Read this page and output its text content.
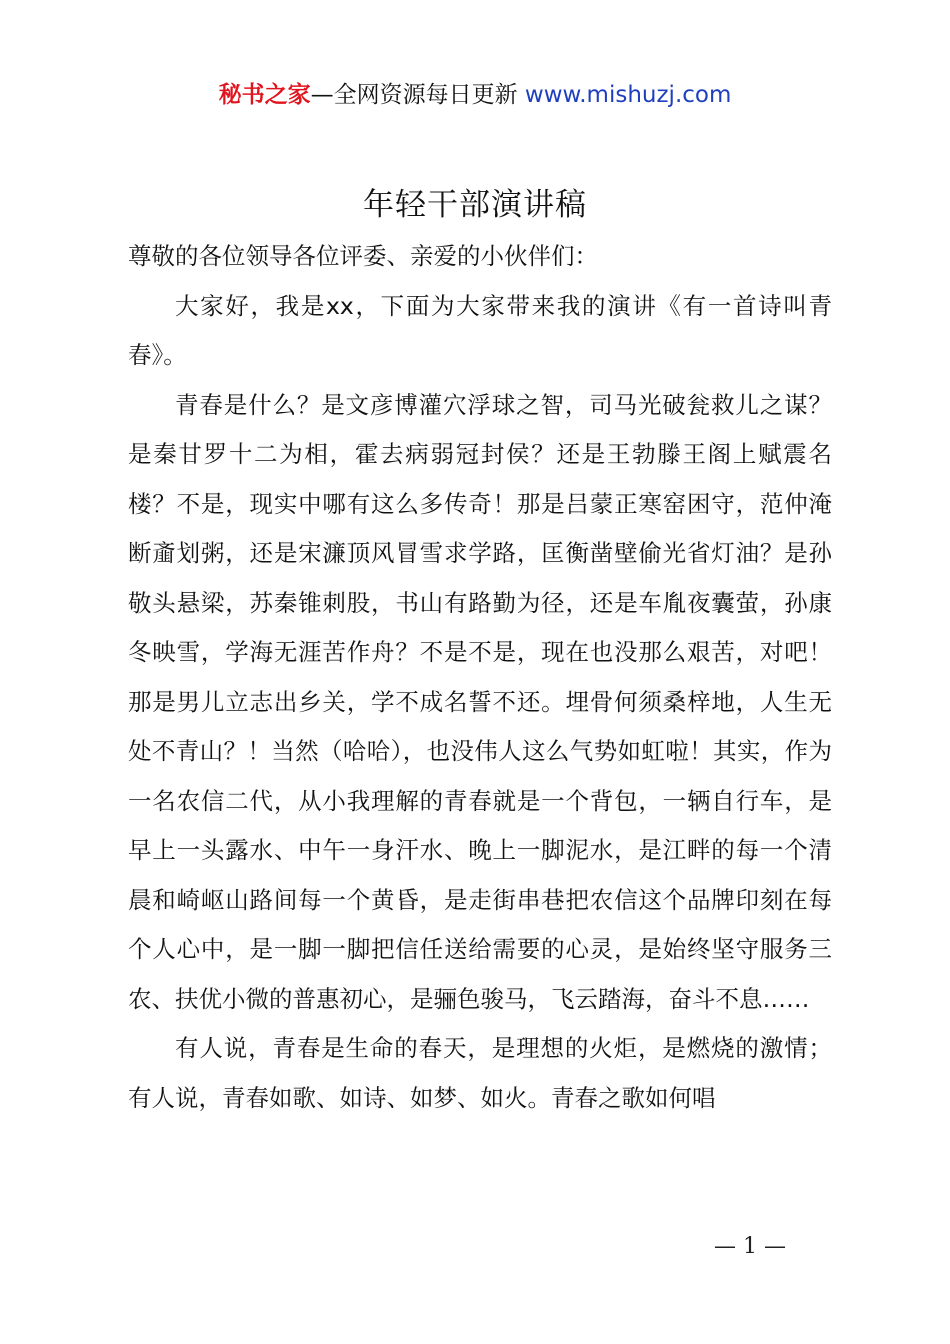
秘书之家—全网资源每日更新 www.mishuzj.com
年轻干部演讲稿

尊敬的各位领导各位评委、亲爱的小伙伴们：

大家好，我是xx，下面为大家带来我的演讲《有一首诗叫青春》。

青春是什么？是文彦博灌穴浮球之智，司马光破瓮救儿之谋？是秦甘罗十二为相，霍去病弱冠封侯？还是王勃滕王阁上赋震名楼？不是，现实中哪有这么多传奇！那是吕蒙正寒窑困守，范仲淹断齑划粥，还是宋濂顶风冒雪求学路，匡衡凿壁偷光省灯油？是孙敬头悬梁，苏秦锥刺股，书山有路勤为径，还是车胤夜囊萤，孙康冬映雪，学海无涯苦作舟？不是不是，现在也没那么艰苦，对吧！那是男儿立志出乡关，学不成名誓不还。埋骨何须桑梓地，人生无处不青山？！当然（哈哈），也没伟人这么气势如虹啦！其实，作为一名农信二代，从小我理解的青春就是一个背包，一辆自行车，是早上一头露水、中午一身汗水、晚上一脚泥水，是江畔的每一个清晨和崎岖山路间每一个黄昏，是走街串巷把农信这个品牌印刻在每个人心中，是一脚一脚把信任送给需要的心灵，是始终坚守服务三农、扶优小微的普惠初心，是骊色骏马，飞云踏海，奋斗不息……

有人说，青春是生命的春天，是理想的火炬，是燃烧的激情；有人说，青春如歌、如诗、如梦、如火。青春之歌如何唱

— 1 —
